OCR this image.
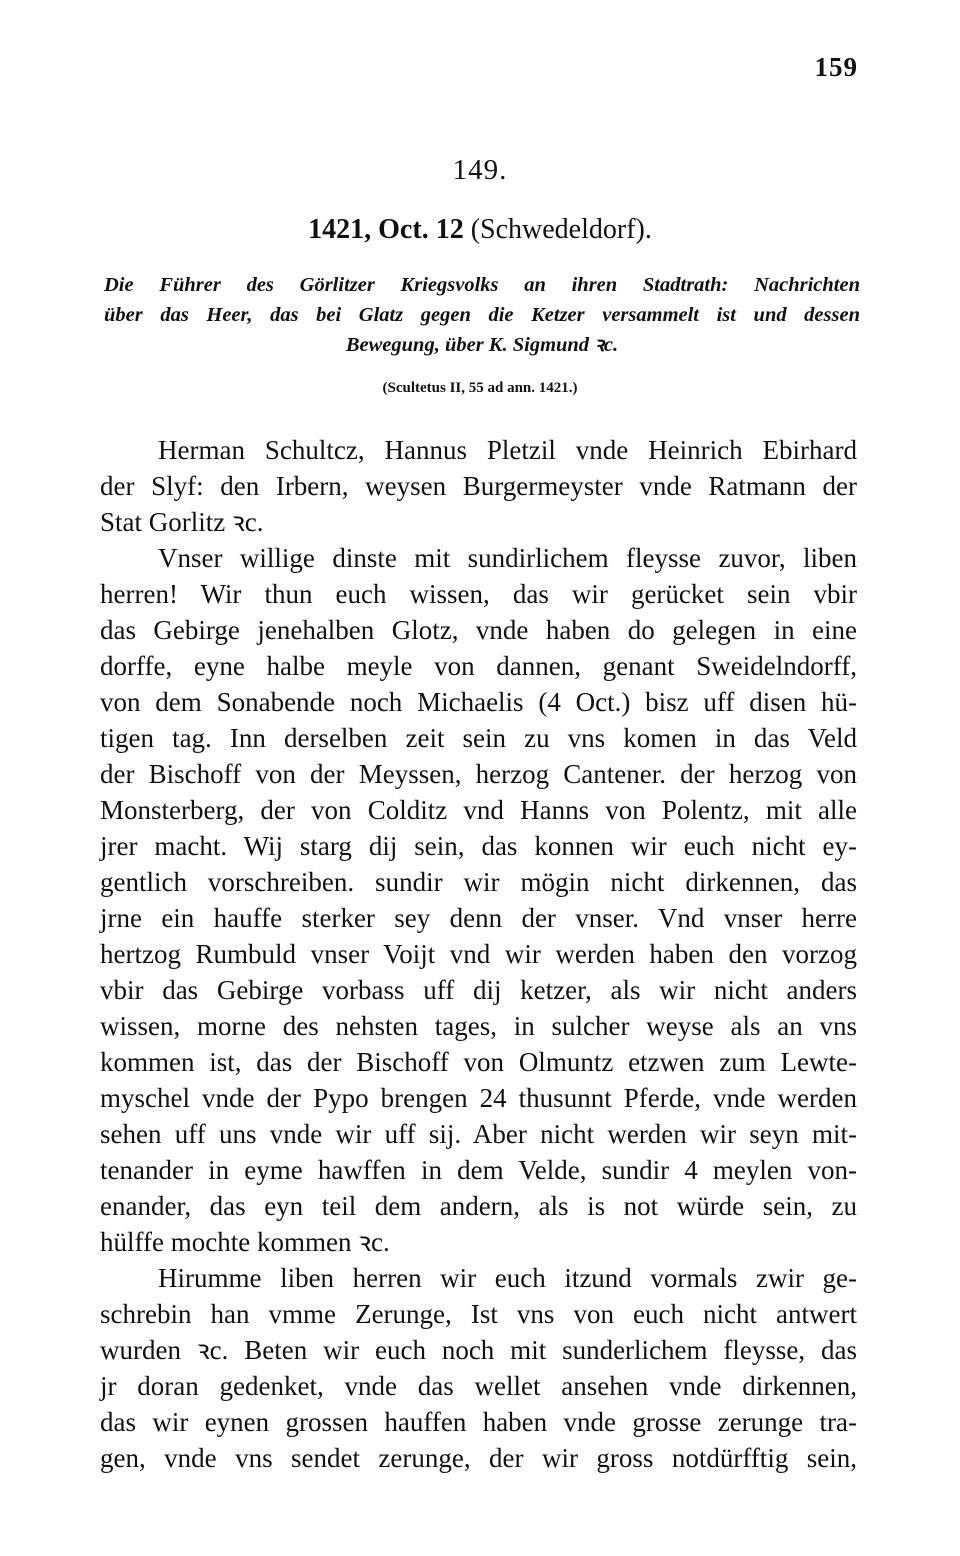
159
149.
1421, Oct. 12 (Schwedeldorf).
Die Führer des Görlitzer Kriegsvolks an ihren Stadtrath: Nachrichten
über das Heer, das bei Glatz gegen die Ketzer versammelt ist und dessen
Bewegung, über K. Sigmund ꝛc.
(Scultetus II, 55 ad ann. 1421.)
Herman Schultcz, Hannus Pletzil vnde Heinrich Ebirhard
der Slyf: den Irbern, weysen Burgermeyster vnde Ratmann der
Stat Gorlitz ꝛc.
Vnser willige dinste mit sundirlichem fleysse zuvor, liben
herren! Wir thun euch wissen, das wir gerücket sein vbir
das Gebirge jenehalben Glotz, vnde haben do gelegen in eine
dorffe, eyne halbe meyle von dannen, genant Sweidelndorff,
von dem Sonabende noch Michaelis (4 Oct.) bisz uff disen hü-
tigen tag. Inn derselben zeit sein zu vns komen in das Veld
der Bischoff von der Meyssen, herzog Cantener. der herzog von
Monsterberg, der von Colditz vnd Hanns von Polentz, mit alle
jrer macht. Wij starg dij sein, das konnen wir euch nicht ey-
gentlich vorschreiben. sundir wir mögin nicht dirkennen, das
jrne ein hauffe sterker sey denn der vnser. Vnd vnser herre
hertzog Rumbuld vnser Voijt vnd wir werden haben den vorzog
vbir das Gebirge vorbass uff dij ketzer, als wir nicht anders
wissen, morne des nehsten tages, in sulcher weyse als an vns
kommen ist, das der Bischoff von Olmuntz etzwen zum Lewte-
myschel vnde der Pypo brengen 24 thusunnt Pferde, vnde werden
sehen uff uns vnde wir uff sij. Aber nicht werden wir seyn mit-
tenander in eyme hawffen in dem Velde, sundir 4 meylen von-
enander, das eyn teil dem andern, als is not würde sein, zu
hülffe mochte kommen ꝛc.
Hirumme liben herren wir euch itzund vormals zwir ge-
schrebin han vmme Zerunge, Ist vns von euch nicht antwert
wurden ꝛc. Beten wir euch noch mit sunderlichem fleysse, das
jr doran gedenket, vnde das wellet ansehen vnde dirkennen,
das wir eynen grossen hauffen haben vnde grosse zerunge tra-
gen, vnde vns sendet zerunge, der wir gross notdürfftig sein,
